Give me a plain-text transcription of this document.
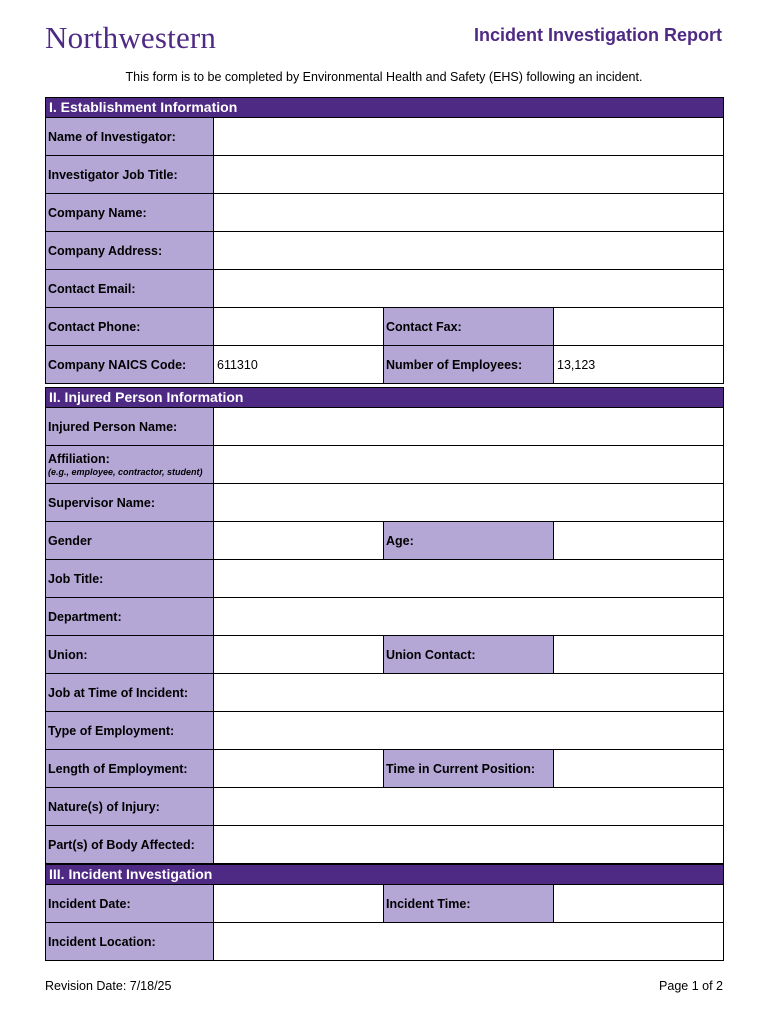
Northwestern	Incident Investigation Report
This form is to be completed by Environmental Health and Safety (EHS) following an incident.
I. Establishment Information
Name of Investigator:
Investigator Job Title:
Company Name:
Company Address:
Contact Email:
Contact Phone:	Contact Fax:
Company NAICS Code:	611310	Number of Employees:	13,123
II. Injured Person Information
Injured Person Name:
Affiliation:
(e.g., employee, contractor, student)
Supervisor Name:
Gender	Age:
Job Title:
Department:
Union:	Union Contact:
Job at Time of Incident:
Type of Employment:
Length of Employment:	Time in Current Position:
Nature(s) of Injury:
Part(s) of Body Affected:
III. Incident Investigation
Incident Date:	Incident Time:
Incident Location:
Revision Date: 7/18/25	Page 1 of 2
